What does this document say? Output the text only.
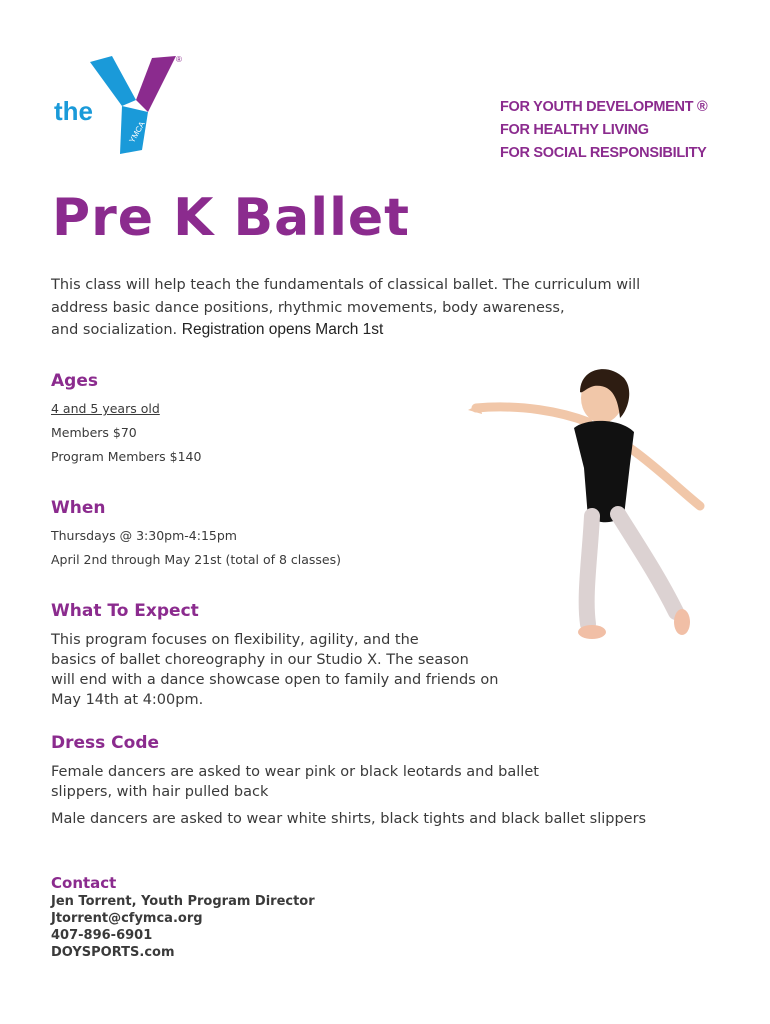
the
YMCA
®
FOR YOUTH DEVELOPMENT ®
FOR HEALTHY LIVING
FOR SOCIAL RESPONSIBILITY
Pre K Ballet

This class will help teach the fundamentals of classical ballet. The curriculum will

address basic dance positions, rhythmic movements, body awareness,

and socialization. Registration opens March 1st

Ages
4 and 5 years old
Members $70
Program Members $140
When
Thursdays @ 3:30pm-4:15pm
April 2nd through May 21st (total of 8 classes)
What To Expect

This program focuses on flexibility, agility, and the

basics of ballet choreography in our Studio X. The season

will end with a dance showcase open to family and friends on

May 14th at 4:00pm.

Dress Code

Female dancers are asked to wear pink or black leotards and ballet

slippers, with hair pulled back

Male dancers are asked to wear white shirts, black tights and black ballet slippers

Contact
Jen Torrent, Youth Program Director
Jtorrent@cfymca.org
407-896-6901
DOYSPORTS.com
